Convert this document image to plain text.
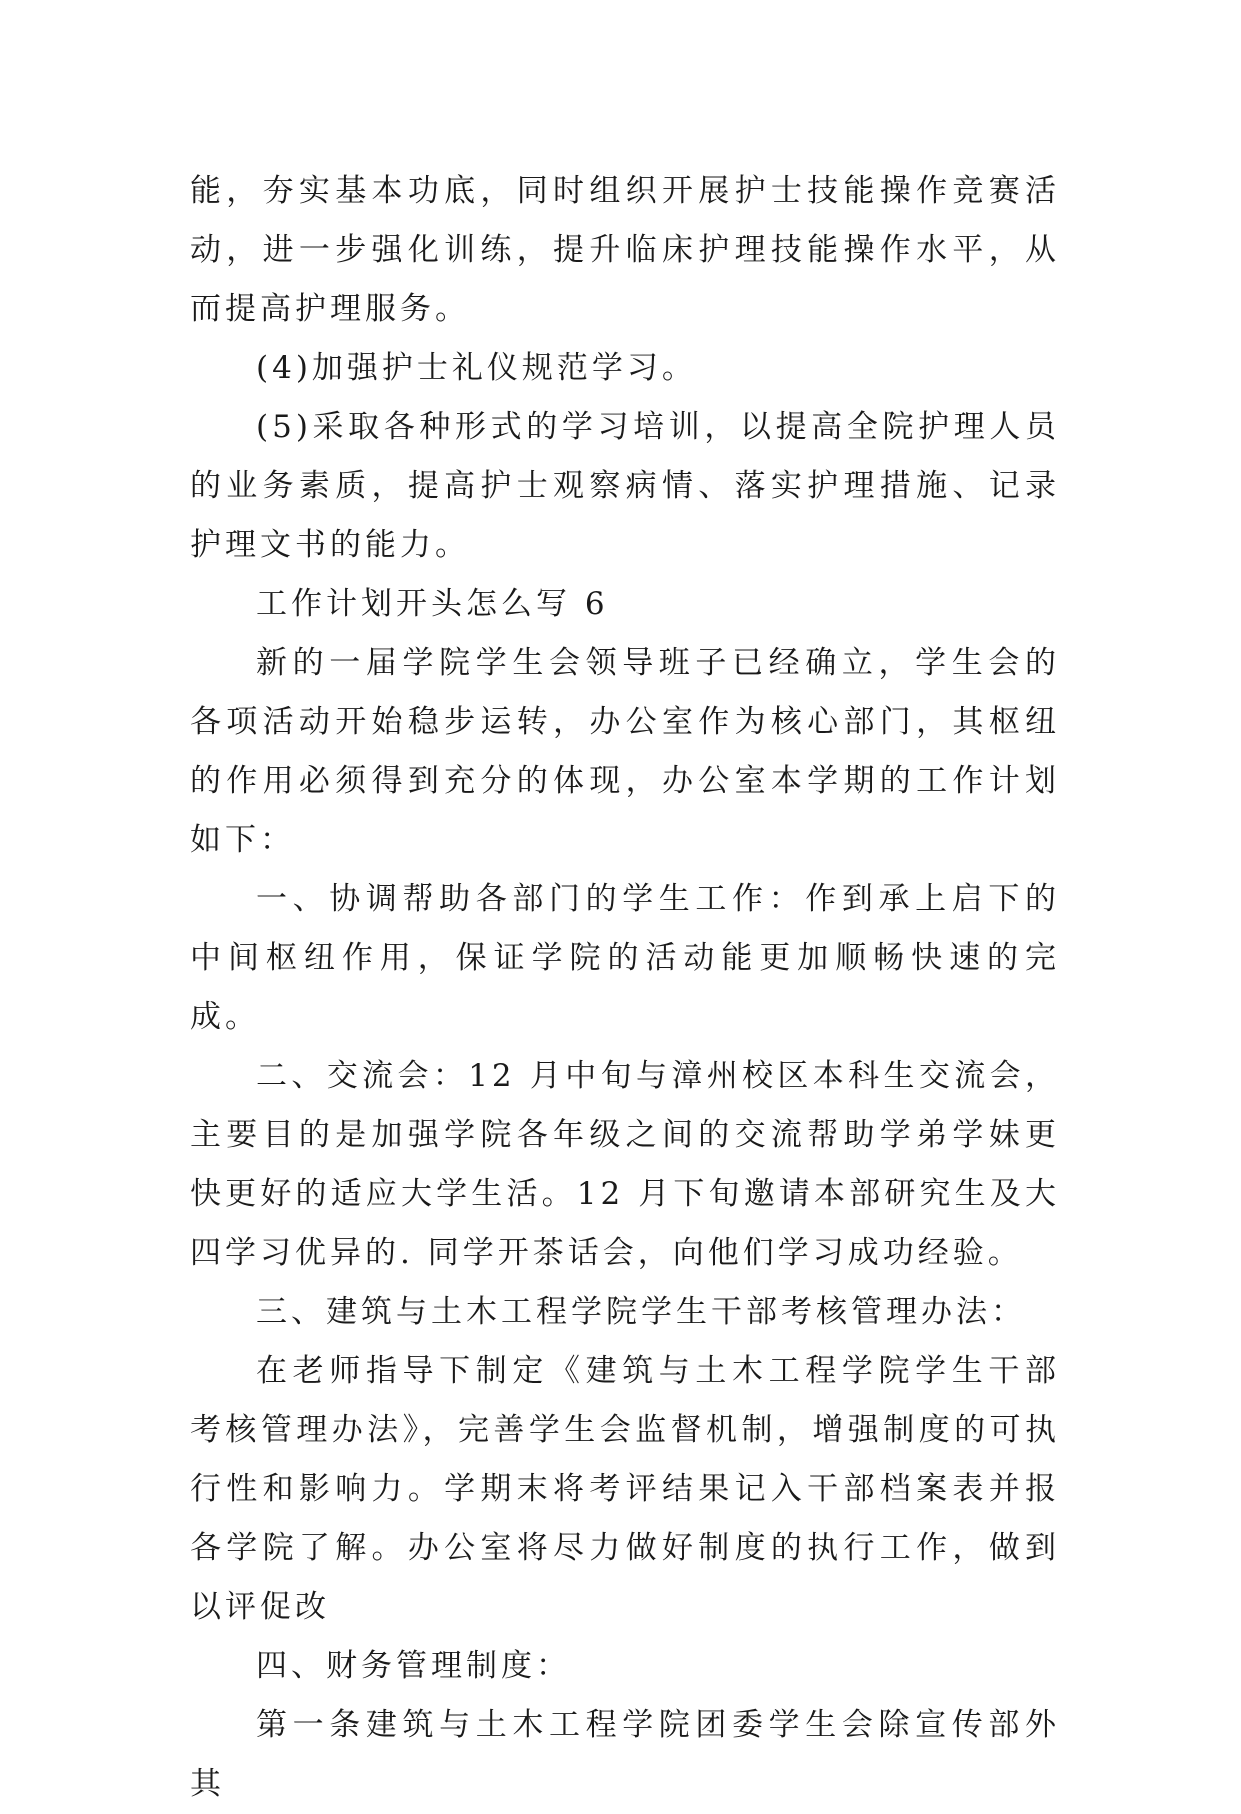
能，夯实基本功底，同时组织开展护士技能操作竞赛活动，进一步强化训练，提升临床护理技能操作水平，从而提高护理服务。

(4)加强护士礼仪规范学习。

(5)采取各种形式的学习培训，以提高全院护理人员的业务素质，提高护士观察病情、落实护理措施、记录护理文书的能力。

工作计划开头怎么写 6

新的一届学院学生会领导班子已经确立，学生会的各项活动开始稳步运转，办公室作为核心部门，其枢纽的作用必须得到充分的体现，办公室本学期的工作计划如下：

一、协调帮助各部门的学生工作：作到承上启下的中间枢纽作用，保证学院的活动能更加顺畅快速的完成。

二、交流会：12 月中旬与漳州校区本科生交流会，主要目的是加强学院各年级之间的交流帮助学弟学妹更快更好的适应大学生活。12 月下旬邀请本部研究生及大四学习优异的. 同学开茶话会，向他们学习成功经验。

三、建筑与土木工程学院学生干部考核管理办法：

在老师指导下制定《建筑与土木工程学院学生干部考核管理办法》，完善学生会监督机制，增强制度的可执行性和影响力。学期末将考评结果记入干部档案表并报各学院了解。办公室将尽力做好制度的执行工作，做到以评促改

四、财务管理制度：

第一条建筑与土木工程学院团委学生会除宣传部外其
